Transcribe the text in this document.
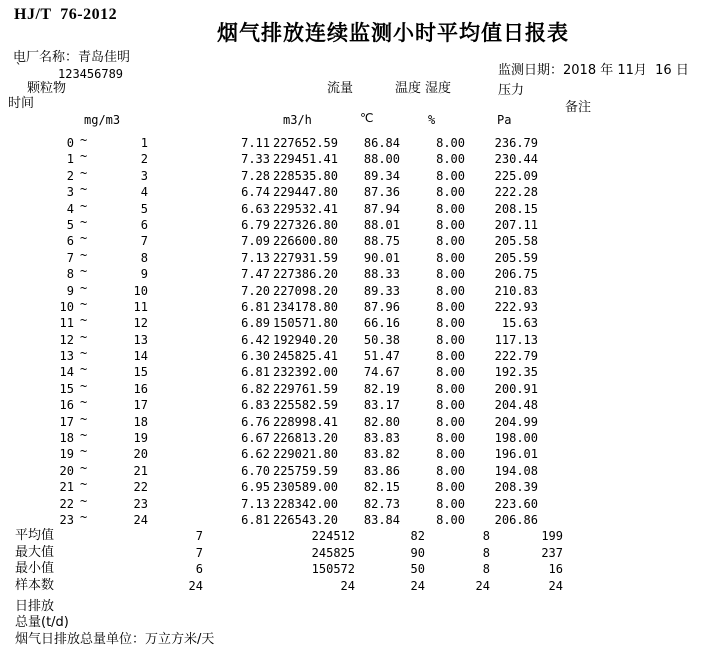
HJ/T  76-2012
烟气排放连续监测小时平均值日报表
电厂名称：青岛佳明
`	123456789	监测日期：2018 年 11月  16 日
颗粒物	流量	温度 湿度	压力
时间	备注
mg/m3	m3/h	℃	%	Pa
0 ~	1	7.11 227652.59	86.84	8.00	236.79
1 ~	2	7.33 229451.41	88.00	8.00	230.44
2 ~	3	7.28 228535.80	89.34	8.00	225.09
3 ~	4	6.74 229447.80	87.36	8.00	222.28
4 ~	5	6.63 229532.41	87.94	8.00	208.15
5 ~	6	6.79 227326.80	88.01	8.00	207.11
6 ~	7	7.09 226600.80	88.75	8.00	205.58
7 ~	8	7.13 227931.59	90.01	8.00	205.59
8 ~	9	7.47 227386.20	88.33	8.00	206.75
9 ~	10	7.20 227098.20	89.33	8.00	210.83
10 ~	11	6.81 234178.80	87.96	8.00	222.93
11 ~	12	6.89 150571.80	66.16	8.00	15.63
12 ~	13	6.42 192940.20	50.38	8.00	117.13
13 ~	14	6.30 245825.41	51.47	8.00	222.79
14 ~	15	6.81 232392.00	74.67	8.00	192.35
15 ~	16	6.82 229761.59	82.19	8.00	200.91
16 ~	17	6.83 225582.59	83.17	8.00	204.48
17 ~	18	6.76 228998.41	82.80	8.00	204.99
18 ~	19	6.67 226813.20	83.83	8.00	198.00
19 ~	20	6.62 229021.80	83.82	8.00	196.01
20 ~	21	6.70 225759.59	83.86	8.00	194.08
21 ~	22	6.95 230589.00	82.15	8.00	208.39
22 ~	23	7.13 228342.00	82.73	8.00	223.60
23 ~	24	6.81 226543.20	83.84	8.00	206.86
平均值	7	224512	82	8	199
最大值	7	245825	90	8	237
最小值	6	150572	50	8	16
样本数	24	24	24	24	24
日排放
总量(t/d)
烟气日排放总量单位：万立方米/天
